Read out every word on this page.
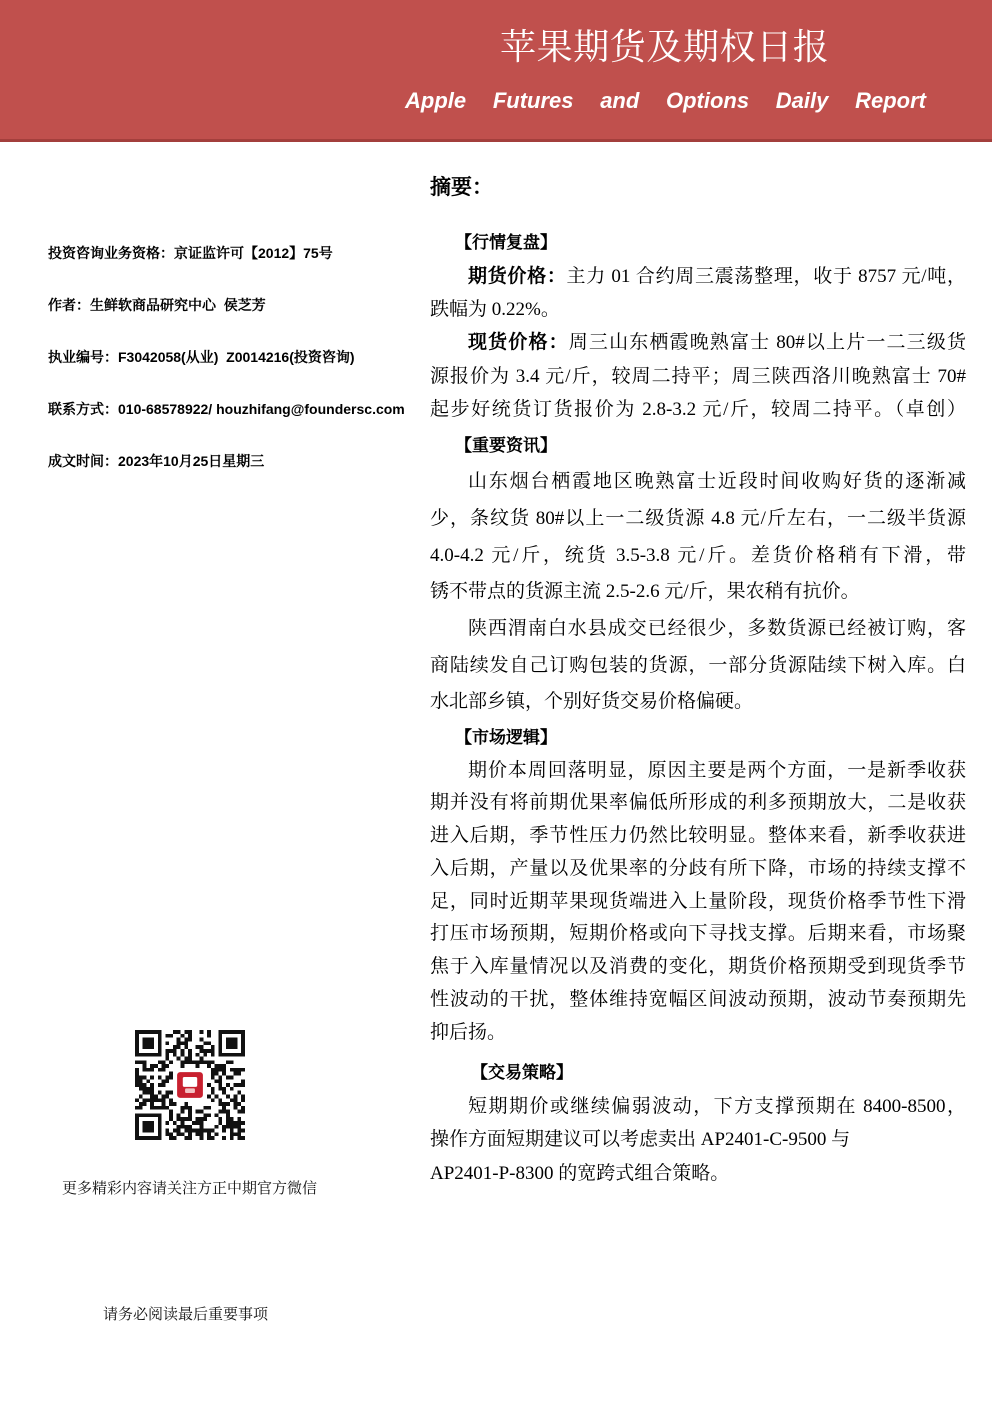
苹果期货及期权日报
Apple Futures and Options Daily Report
投资咨询业务资格：京证监许可【2012】75号
作者：生鲜软商品研究中心  侯芝芳
执业编号：F3042058(从业)  Z0014216(投资咨询)
联系方式：010-68578922/ houzhifang@foundersc.com
成文时间：2023年10月25日星期三
更多精彩内容请关注方正中期官方微信
请务必阅读最后重要事项
摘要：
【行情复盘】
期货价格：主力 01 合约周三震荡整理，收于 8757 元/吨，
跌幅为 0.22%。
现货价格：周三山东栖霞晚熟富士 80#以上片一二三级货
源报价为 3.4 元/斤，较周二持平；周三陕西洛川晚熟富士 70#
起步好统货订货报价为 2.8-3.2 元/斤，较周二持平。（卓创）
【重要资讯】
山东烟台栖霞地区晚熟富士近段时间收购好货的逐渐减
少，条纹货 80#以上一二级货源 4.8 元/斤左右，一二级半货源
4.0-4.2 元/斤，统货 3.5-3.8 元/斤。差货价格稍有下滑，带
锈不带点的货源主流 2.5-2.6 元/斤，果农稍有抗价。
陕西渭南白水县成交已经很少，多数货源已经被订购，客
商陆续发自己订购包装的货源，一部分货源陆续下树入库。白
水北部乡镇，个别好货交易价格偏硬。
【市场逻辑】
期价本周回落明显，原因主要是两个方面，一是新季收获
期并没有将前期优果率偏低所形成的利多预期放大，二是收获
进入后期，季节性压力仍然比较明显。整体来看，新季收获进
入后期，产量以及优果率的分歧有所下降，市场的持续支撑不
足，同时近期苹果现货端进入上量阶段，现货价格季节性下滑
打压市场预期，短期价格或向下寻找支撑。后期来看，市场聚
焦于入库量情况以及消费的变化，期货价格预期受到现货季节
性波动的干扰，整体维持宽幅区间波动预期，波动节奏预期先
抑后扬。
【交易策略】
短期期价或继续偏弱波动，下方支撑预期在 8400-8500，
操作方面短期建议可以考虑卖出 AP2401-C-9500 与
AP2401-P-8300 的宽跨式组合策略。
